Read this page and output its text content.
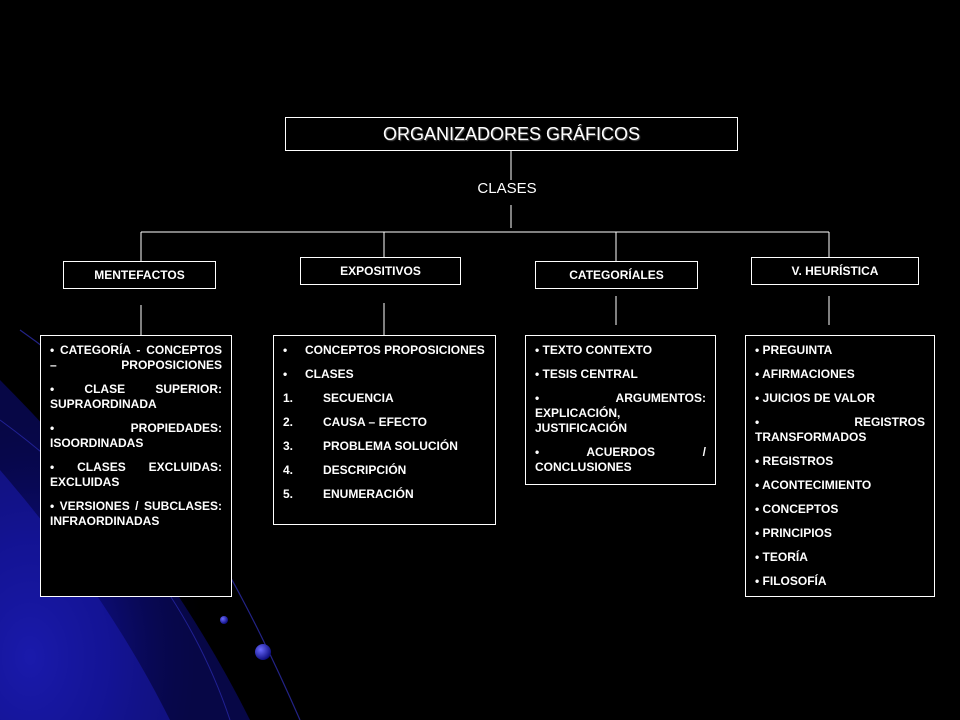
ORGANIZADORES GRÁFICOS
CLASES
MENTEFACTOS	EXPOSITIVOS	CATEGORÍALES	V. HEURÍSTICA
• CATEGORÍA - CONCEPTOS – PROPOSICIONES
• CLASE SUPERIOR: SUPRAORDINADA
• PROPIEDADES: ISOORDINADAS
• CLASES EXCLUIDAS: EXCLUIDAS
• VERSIONES / SUBCLASES: INFRAORDINADAS
• CONCEPTOS PROPOSICIONES
• CLASES
1.	SECUENCIA
2.	CAUSA – EFECTO
3.	PROBLEMA SOLUCIÓN
4.	DESCRIPCIÓN
5.	ENUMERACIÓN
• TEXTO CONTEXTO
• TESIS CENTRAL
• ARGUMENTOS: EXPLICACIÓN, JUSTIFICACIÓN
• ACUERDOS / CONCLUSIONES
• PREGUINTA
• AFIRMACIONES
• JUICIOS DE VALOR
• REGISTROS TRANSFORMADOS
• REGISTROS
• ACONTECIMIENTO
• CONCEPTOS
• PRINCIPIOS
• TEORÍA
• FILOSOFÍA
